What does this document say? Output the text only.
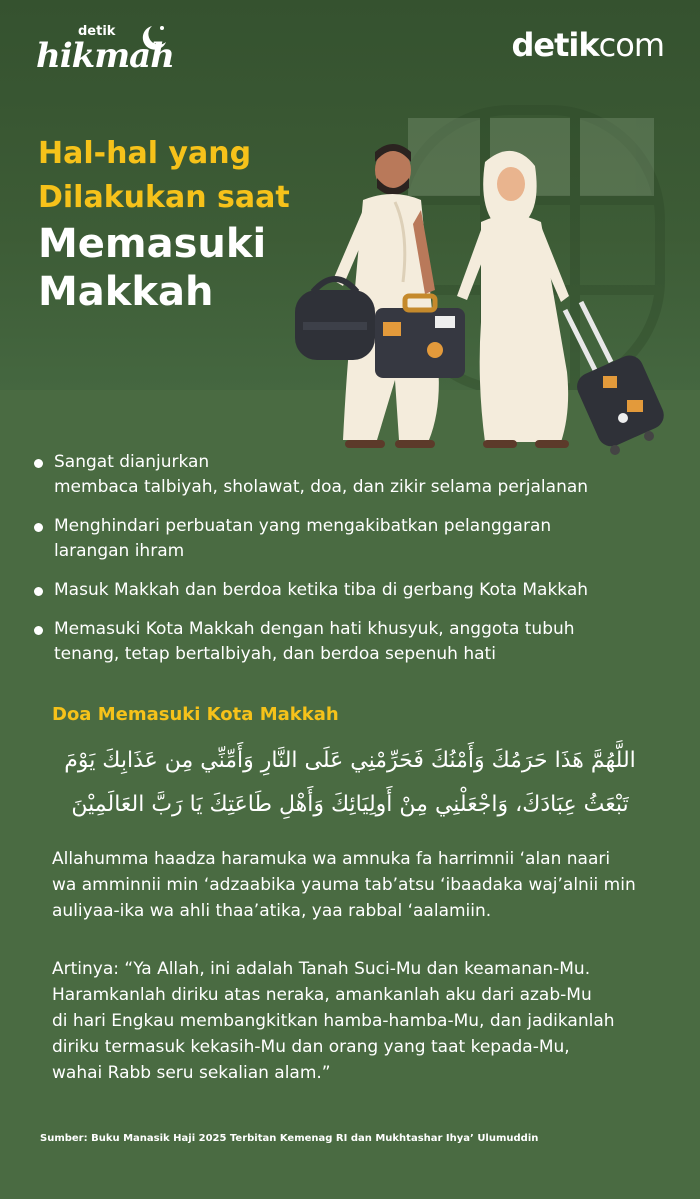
detik
hikmah	detikcom
Hal-hal yang
Dilakukan saat
Memasuki
Makkah
Sangat dianjurkan
membaca talbiyah, sholawat, doa, dan zikir selama perjalanan
Menghindari perbuatan yang mengakibatkan pelanggaran
larangan ihram
Masuk Makkah dan berdoa ketika tiba di gerbang Kota Makkah
Memasuki Kota Makkah dengan hati khusyuk, anggota tubuh
tenang, tetap bertalbiyah, dan berdoa sepenuh hati
Doa Memasuki Kota Makkah
اللَّهُمَّ هَذَا حَرَمُكَ وَأَمْنُكَ فَحَرِّمْنِي عَلَى النَّارِ وَأَمِّنِّي مِن عَذَابِكَ يَوْمَ
تَبْعَثُ عِبَادَكَ، وَاجْعَلْنِي مِنْ أَولِيَائِكَ وَأَهْلِ طَاعَتِكَ يَا رَبَّ العَالَمِيْنَ
Allahumma haadza haramuka wa amnuka fa harrimnii ‘alan naari
wa amminnii min ‘adzaabika yauma tab’atsu ‘ibaadaka waj’alnii min
auliyaa-ika wa ahli thaa’atika, yaa rabbal ‘aalamiin.
Artinya: “Ya Allah, ini adalah Tanah Suci-Mu dan keamanan-Mu.
Haramkanlah diriku atas neraka, amankanlah aku dari azab-Mu
di hari Engkau membangkitkan hamba-hamba-Mu, dan jadikanlah
diriku termasuk kekasih-Mu dan orang yang taat kepada-Mu,
wahai Rabb seru sekalian alam.”
Sumber: Buku Manasik Haji 2025 Terbitan Kemenag RI dan Mukhtashar Ihya’ Ulumuddin
